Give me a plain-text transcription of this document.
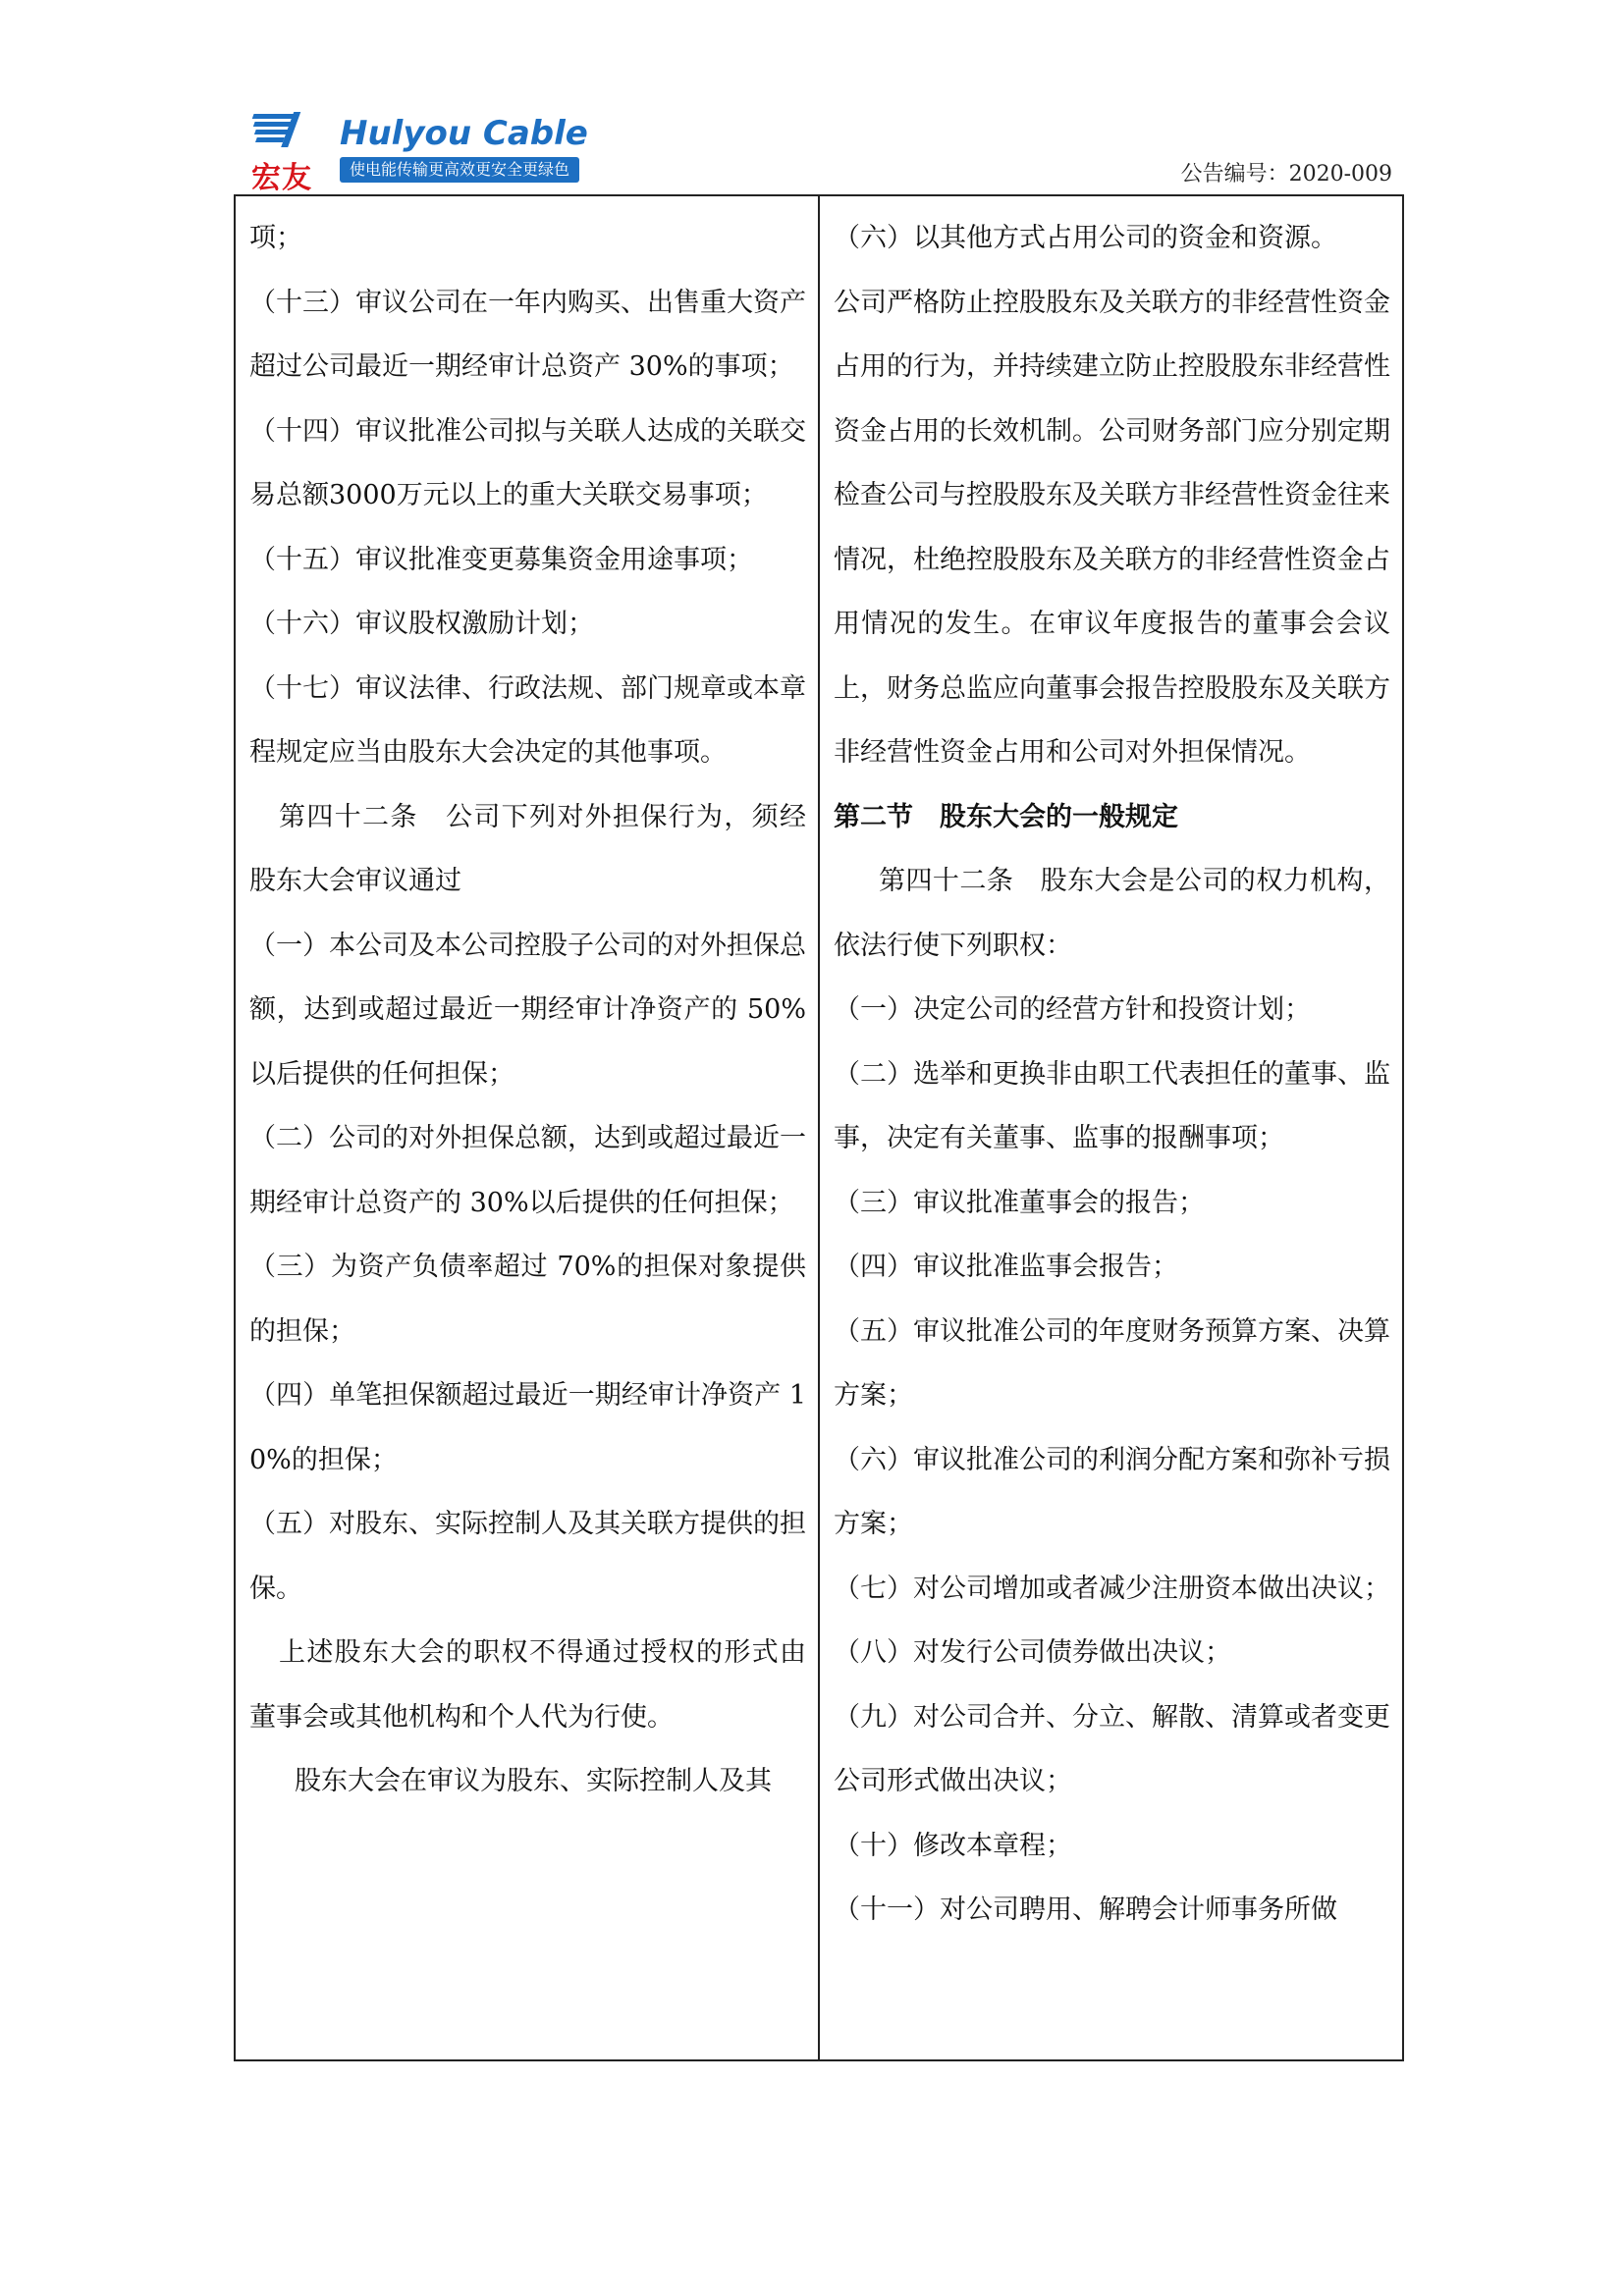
宏友
Hulyou Cable
使电能传输更高效更安全更绿色	公告编号：2020-009

项；

（十三）审议公司在一年内购买、出售重大资产超过公司最近一期经审计总资产 30%的事项；

（十四）审议批准公司拟与关联人达成的关联交易总额3000万元以上的重大关联交易事项；

（十五）审议批准变更募集资金用途事项；

（十六）审议股权激励计划；

（十七）审议法律、行政法规、部门规章或本章程规定应当由股东大会决定的其他事项。

第四十二条　公司下列对外担保行为，须经股东大会审议通过

（一）本公司及本公司控股子公司的对外担保总额，达到或超过最近一期经审计净资产的 50%以后提供的任何担保；

（二）公司的对外担保总额，达到或超过最近一期经审计总资产的 30%以后提供的任何担保；

（三）为资产负债率超过 70%的担保对象提供的担保；

（四）单笔担保额超过最近一期经审计净资产 10%的担保；

（五）对股东、实际控制人及其关联方提供的担保。

上述股东大会的职权不得通过授权的形式由董事会或其他机构和个人代为行使。

股东大会在审议为股东、实际控制人及其

（六）以其他方式占用公司的资金和资源。

公司严格防止控股股东及关联方的非经营性资金占用的行为，并持续建立防止控股股东非经营性资金占用的长效机制。公司财务部门应分别定期检查公司与控股股东及关联方非经营性资金往来情况，杜绝控股股东及关联方的非经营性资金占用情况的发生。在审议年度报告的董事会会议上，财务总监应向董事会报告控股股东及关联方非经营性资金占用和公司对外担保情况。

第二节　股东大会的一般规定

第四十二条　股东大会是公司的权力机构，依法行使下列职权：

（一）决定公司的经营方针和投资计划；

（二）选举和更换非由职工代表担任的董事、监事，决定有关董事、监事的报酬事项；

（三）审议批准董事会的报告；

（四）审议批准监事会报告；

（五）审议批准公司的年度财务预算方案、决算方案；

（六）审议批准公司的利润分配方案和弥补亏损方案；

（七）对公司增加或者减少注册资本做出决议；

（八）对发行公司债券做出决议；

（九）对公司合并、分立、解散、清算或者变更公司形式做出决议；

（十）修改本章程；

（十一）对公司聘用、解聘会计师事务所做
